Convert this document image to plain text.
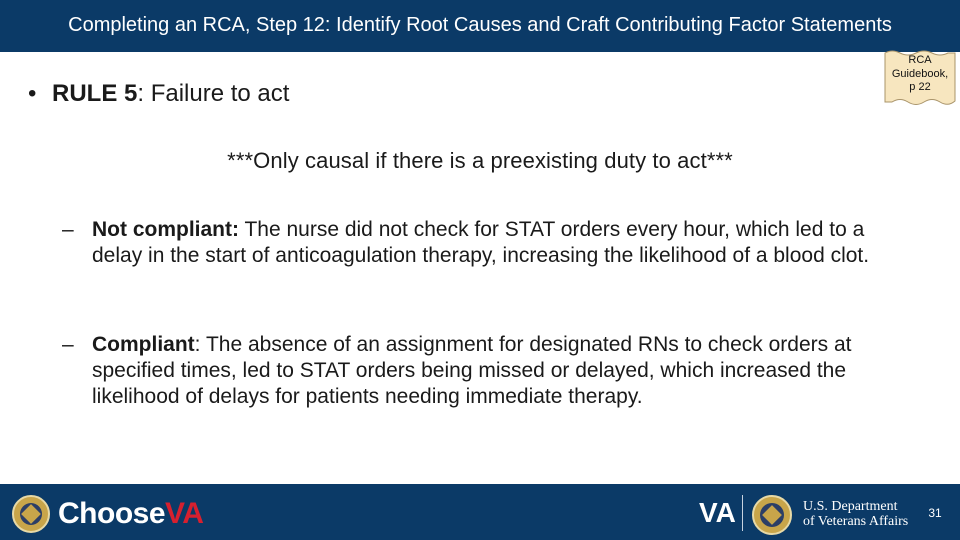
Completing an RCA, Step 12: Identify Root Causes and Craft Contributing Factor Statements
RCA
Guidebook,
p 22
• RULE 5: Failure to act
***Only causal if there is a preexisting duty to act***
– Not compliant: The nurse did not check for STAT orders every hour, which led to a delay in the start of anticoagulation therapy, increasing the likelihood of a blood clot.
– Compliant: The absence of an assignment for designated RNs to check orders at specified times, led to STAT orders being missed or delayed, which increased the likelihood of delays for patients needing immediate therapy.
ChooseVA	VA	U.S. Department
of Veterans Affairs
31
